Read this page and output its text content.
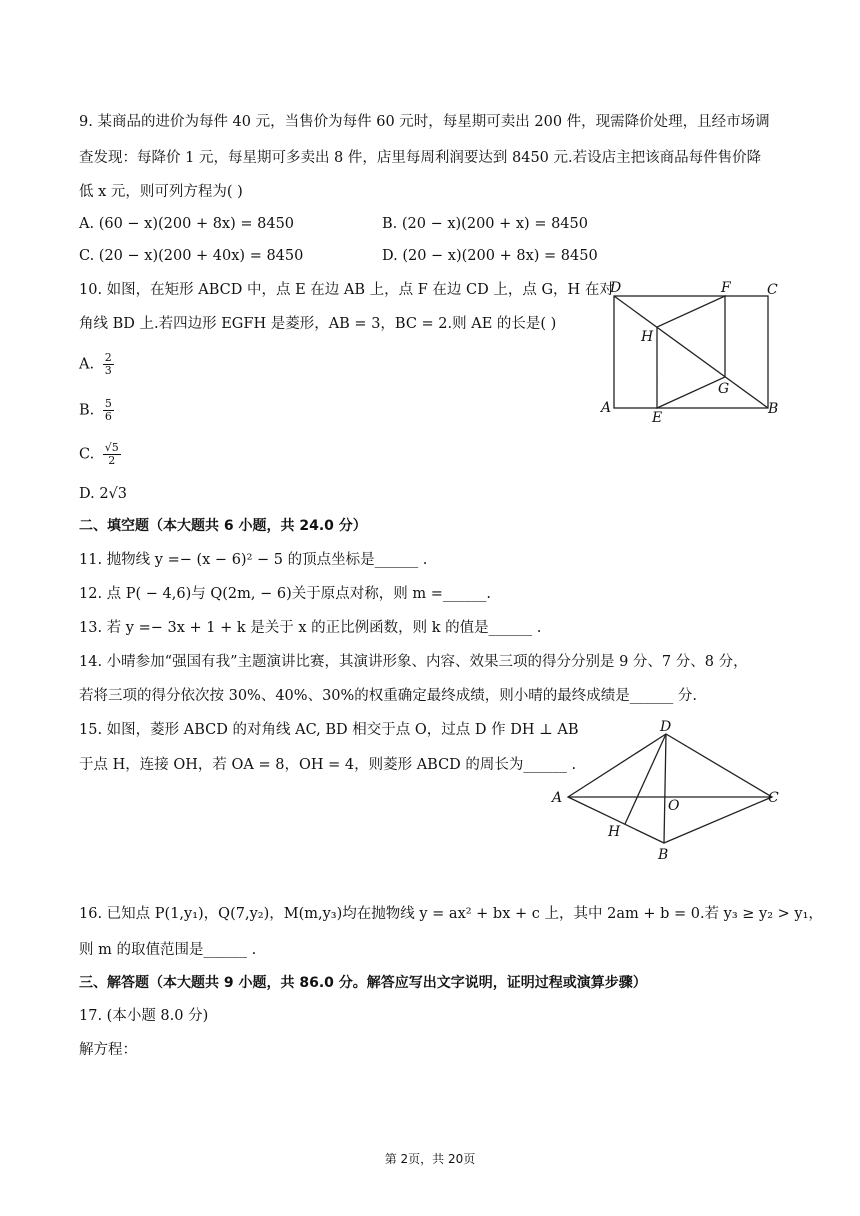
9. 某商品的进价为每件 40 元，当售价为每件 60 元时，每星期可卖出 200 件，现需降价处理，且经市场调
查发现：每降价 1 元，每星期可多卖出 8 件，店里每周利润要达到 8450 元.若设店主把该商品每件售价降
低 x 元，则可列方程为( )
A. (60 − x)(200 + 8x) = 8450	B. (20 − x)(200 + x) = 8450
C. (20 − x)(200 + 40x) = 8450	D. (20 − x)(200 + 8x) = 8450
10. 如图，在矩形 ABCD 中，点 E 在边 AB 上，点 F 在边 CD 上，点 G，H 在对
角线 BD 上.若四边形 EGFH 是菱形，AB = 3，BC = 2.则 AE 的长是( )
A. $\frac{2}{3}$
B. $\frac{5}{6}$
C. $\frac{√5}{2}$
D. 2√3
D	F	C
H
G
A
E
B
二、填空题（本大题共 6 小题，共 24.0 分）
11. 抛物线 y =− (x − 6)² − 5 的顶点坐标是______ .
12. 点 P( − 4,6)与 Q(2m, − 6)关于原点对称，则 m =______.
13. 若 y =− 3x + 1 + k 是关于 x 的正比例函数，则 k 的值是______ .
14. 小晴参加“强国有我”主题演讲比赛，其演讲形象、内容、效果三项的得分分别是 9 分、7 分、8 分，
若将三项的得分依次按 30%、40%、30%的权重确定最终成绩，则小晴的最终成绩是______ 分.
15. 如图，菱形 ABCD 的对角线 AC, BD 相交于点 O，过点 D 作 DH ⊥ AB
于点 H，连接 OH，若 OA = 8，OH = 4，则菱形 ABCD 的周长为______ .
D
A	O	C
H
B
16. 已知点 P(1,y₁)，Q(7,y₂)，M(m,y₃)均在抛物线 y = ax² + bx + c 上，其中 2am + b = 0.若 y₃ ≥ y₂ > y₁，
则 m 的取值范围是______ .
三、解答题（本大题共 9 小题，共 86.0 分。解答应写出文字说明，证明过程或演算步骤）
17. (本小题 8.0 分)
解方程：
第 2页，共 20页
